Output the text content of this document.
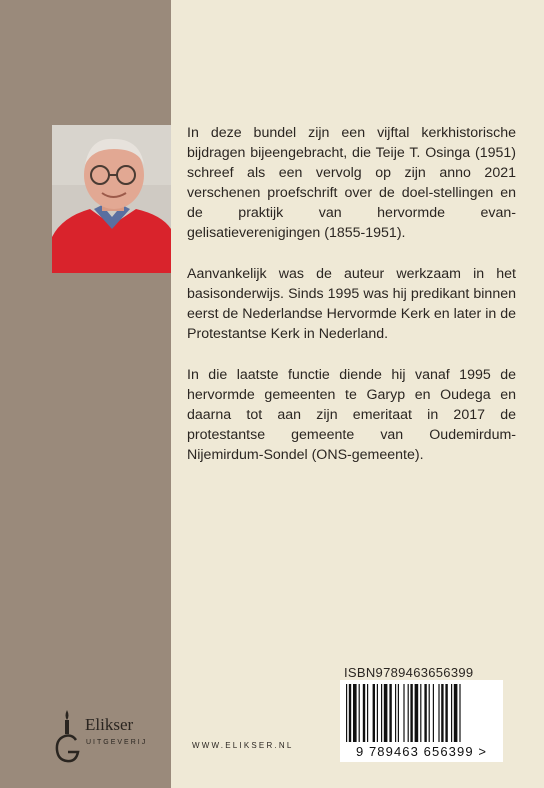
In deze bundel zijn een vijftal kerkhistorische bijdragen bijeengebracht, die Teije T. Osinga (1951) schreef als een vervolg op zijn anno 2021 verschenen proefschrift over de doel-stellingen en de praktijk van hervormde evan-gelisatieverenigingen (1855-1951).
Aanvankelijk was de auteur werkzaam in het basisonderwijs. Sinds 1995 was hij predikant binnen eerst de Nederlandse Hervormde Kerk en later in de Protestantse Kerk in Nederland.
In die laatste functie diende hij vanaf 1995 de hervormde gemeenten te Garyp en Oudega en daarna tot aan zijn emeritaat in 2017 de protestantse gemeente van Oudemirdum-Nijemirdum-Sondel (ONS-gemeente).
ISBN9789463656399
9 789463 656399 >
Elikser
UITGEVERIJ	WWW.ELIKSER.NL
